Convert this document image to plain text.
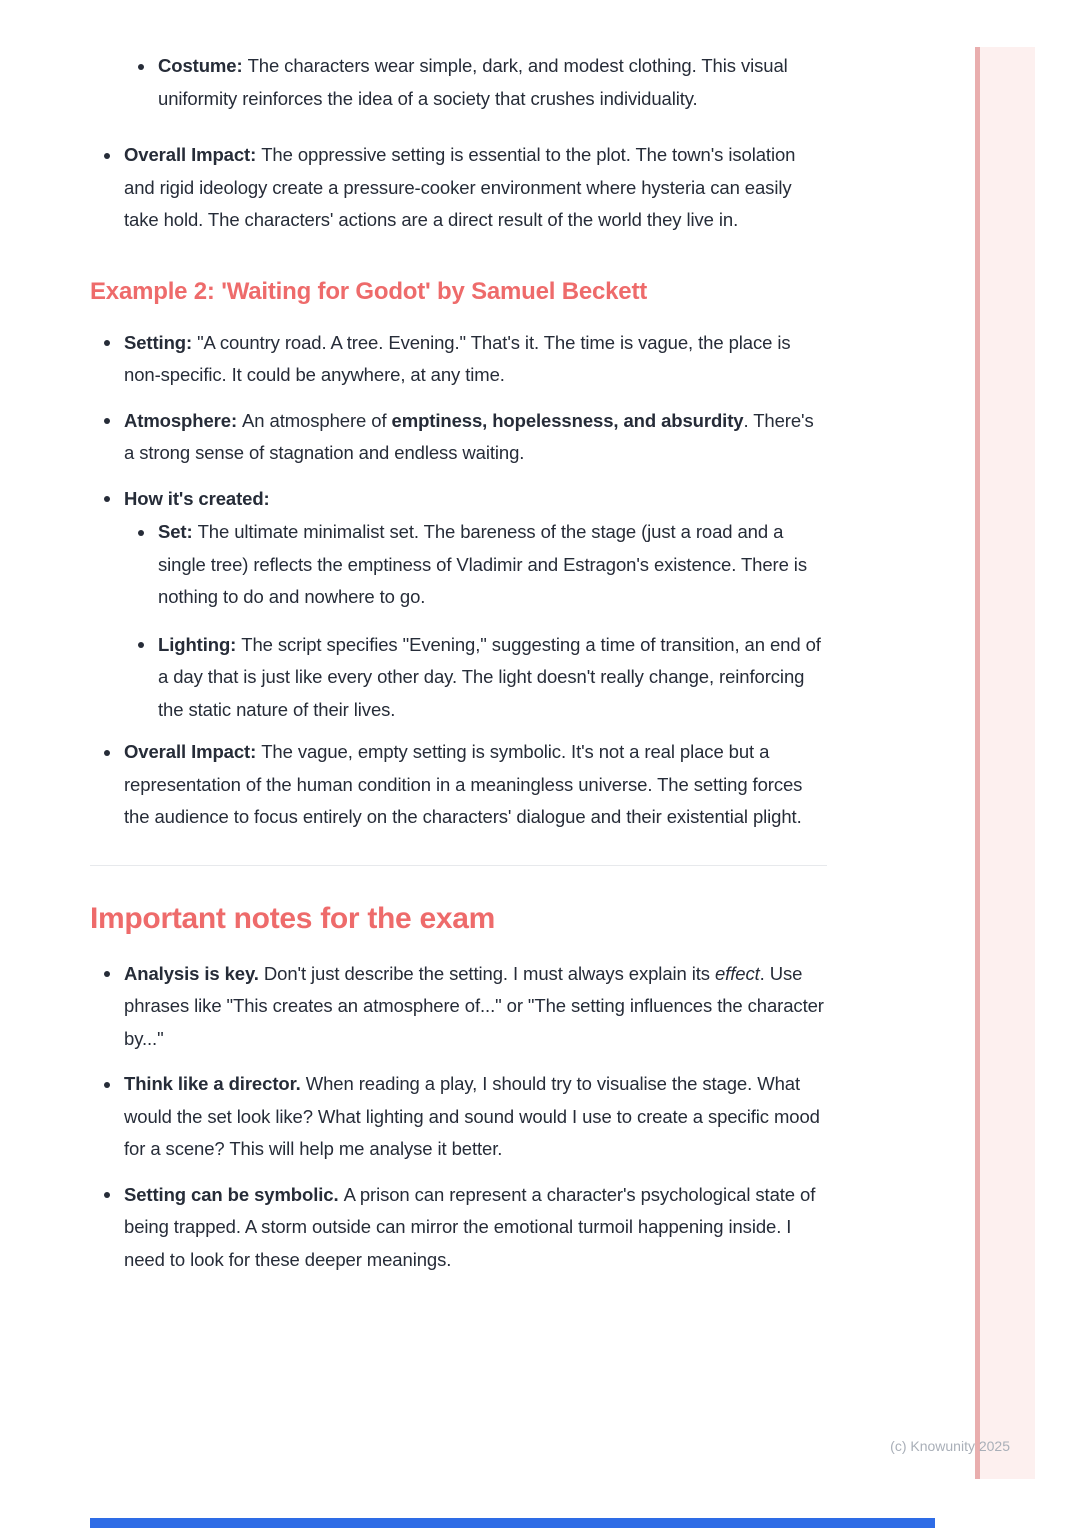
Costume: The characters wear simple, dark, and modest clothing. This visual uniformity reinforces the idea of a society that crushes individuality.
Overall Impact: The oppressive setting is essential to the plot. The town's isolation and rigid ideology create a pressure-cooker environment where hysteria can easily take hold. The characters' actions are a direct result of the world they live in.
Example 2: 'Waiting for Godot' by Samuel Beckett
Setting: "A country road. A tree. Evening." That's it. The time is vague, the place is non-specific. It could be anywhere, at any time.
Atmosphere: An atmosphere of emptiness, hopelessness, and absurdity. There's a strong sense of stagnation and endless waiting.
How it's created:
Set: The ultimate minimalist set. The bareness of the stage (just a road and a single tree) reflects the emptiness of Vladimir and Estragon's existence. There is nothing to do and nowhere to go.
Lighting: The script specifies "Evening," suggesting a time of transition, an end of a day that is just like every other day. The light doesn't really change, reinforcing the static nature of their lives.
Overall Impact: The vague, empty setting is symbolic. It's not a real place but a representation of the human condition in a meaningless universe. The setting forces the audience to focus entirely on the characters' dialogue and their existential plight.
Important notes for the exam
Analysis is key. Don't just describe the setting. I must always explain its effect. Use phrases like "This creates an atmosphere of..." or "The setting influences the character by..."
Think like a director. When reading a play, I should try to visualise the stage. What would the set look like? What lighting and sound would I use to create a specific mood for a scene? This will help me analyse it better.
Setting can be symbolic. A prison can represent a character's psychological state of being trapped. A storm outside can mirror the emotional turmoil happening inside. I need to look for these deeper meanings.
(c) Knowunity 2025
